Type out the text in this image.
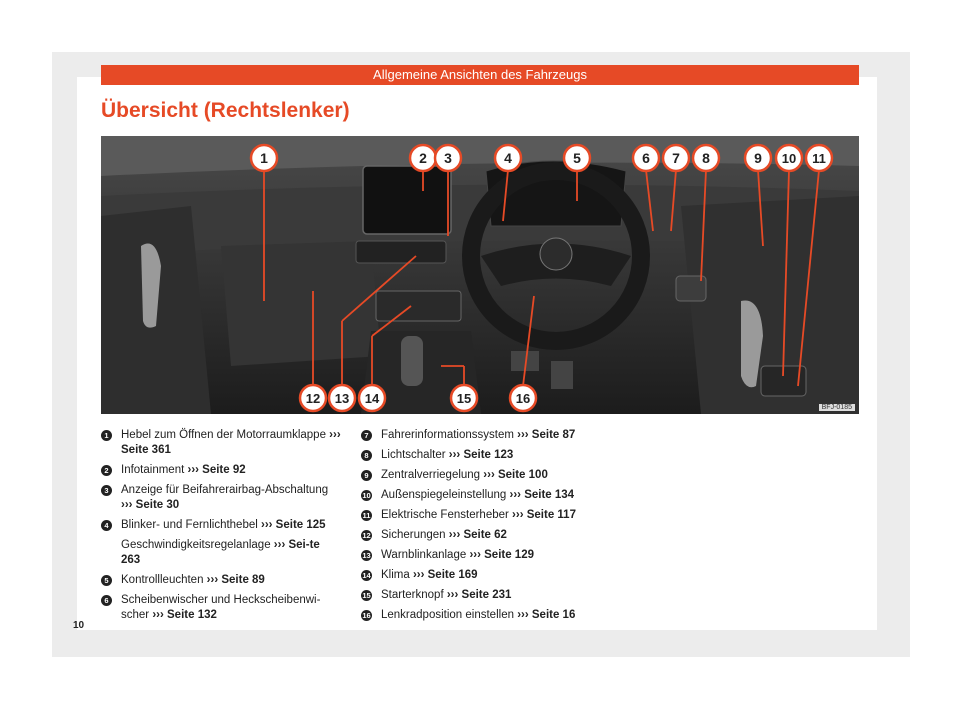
Allgemeine Ansichten des Fahrzeugs
Übersicht (Rechtslenker)
1	2 3	4	5	6 7 8	9 10 11
12 13 14	15	16
BFJ-0185
1 Hebel zum Öffnen der Motorraumklappe ››› Seite 361
2 Infotainment ››› Seite 92
3 Anzeige für Beifahrerairbag-Abschaltung ››› Seite 30
4 Blinker- und Fernlichthebel ››› Seite 125
Geschwindigkeitsregelanlage ››› Sei-te 263
5 Kontrollleuchten ››› Seite 89
6 Scheibenwischer und Heckscheibenwi-scher ››› Seite 132
7 Fahrerinformationssystem ››› Seite 87
8 Lichtschalter ››› Seite 123
9 Zentralverriegelung ››› Seite 100
10 Außenspiegeleinstellung ››› Seite 134
11 Elektrische Fensterheber ››› Seite 117
12 Sicherungen ››› Seite 62
13 Warnblinkanlage ››› Seite 129
14 Klima ››› Seite 169
15 Starterknopf ››› Seite 231
16 Lenkradposition einstellen ››› Seite 16
10
